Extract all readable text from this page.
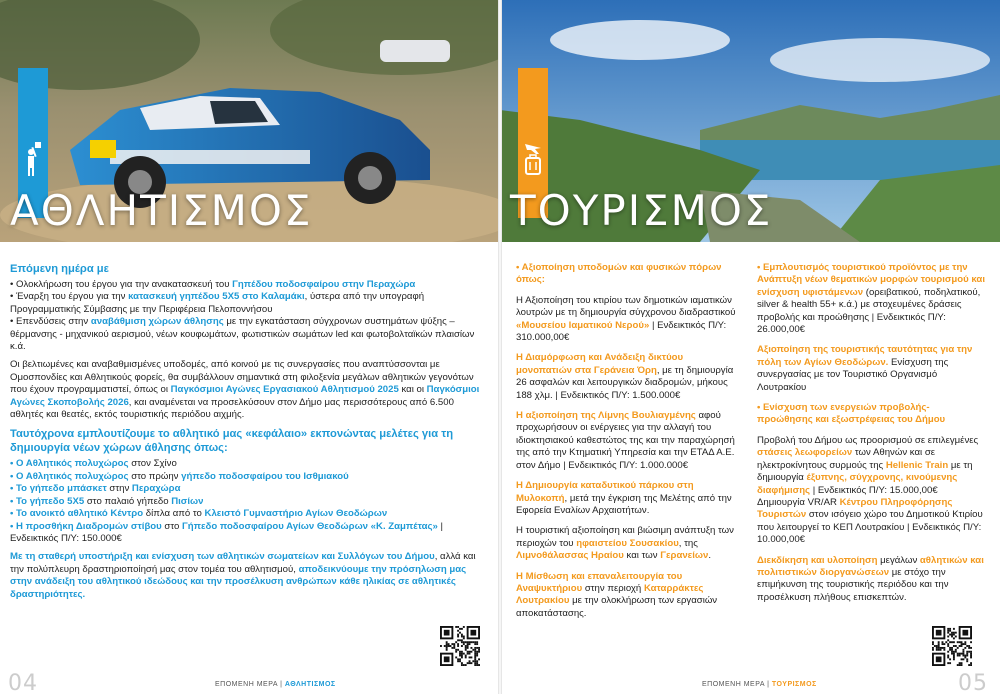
ΑΘΛΗΤΙΣΜΟΣ
Επόμενη ημέρα με

• Ολοκλήρωση του έργου για την ανακατασκευή του Γηπέδου ποδοσφαίρου στην Περαχώρα
• Έναρξη του έργου για την κατασκευή γηπέδου 5Χ5 στο Καλαμάκι, ύστερα από την υπογραφή Προγραμματικής Σύμβασης με την Περιφέρεια Πελοποννήσου
• Επενδύσεις στην αναβάθμιση χώρων άθλησης με την εγκατάσταση σύγχρονων συστημάτων ψύξης – θέρμανσης - μηχανικού αερισμού, νέων κουφωμάτων, φωτιστικών σωμάτων led και φωτοβολταϊκών πλαισίων κ.ά.

Οι βελτιωμένες και αναβαθμισμένες υποδομές, από κοινού με τις συνεργασίες που αναπτύσσονται με Ομοσπονδίες και Αθλητικούς φορείς, θα συμβάλλουν σημαντικά στη φιλοξενία μεγάλων αθλητικών γεγονότων που έχουν προγραμματιστεί, όπως οι Παγκόσμιοι Αγώνες Εργασιακού Αθλητισμού 2025 και οι Παγκόσμιοι Αγώνες Σκοποβολής 2026, και αναμένεται να προσελκύσουν στον Δήμο μας περισσότερους από 6.500 αθλητές και θεατές, εκτός τουριστικής περιόδου αιχμής.

Ταυτόχρονα εμπλουτίζουμε το αθλητικό μας «κεφάλαιο» εκπονώντας μελέτες για τη δημιουργία νέων χώρων άθλησης όπως:

• Ο Αθλητικός πολυχώρος στον Σχίνο
• Ο Αθλητικός πολυχώρος στο πρώην γήπεδο ποδοσφαίρου του Ισθμιακού
• Το γήπεδο μπάσκετ στην Περαχώρα
• Το γήπεδο 5Χ5 στο παλαιό γήπεδο Πισίων
• Το ανοικτό αθλητικό Κέντρο δίπλα από το Κλειστό Γυμναστήριο Αγίων Θεοδώρων
• Η προσθήκη Διαδρομών στίβου στο Γήπεδο ποδοσφαίρου Αγίων Θεοδώρων «Κ. Ζαμπέτας» | Ενδεικτικός Π/Υ: 150.000€

Με τη σταθερή υποστήριξη και ενίσχυση των αθλητικών σωματείων και Συλλόγων του Δήμου, αλλά και την πολύπλευρη δραστηριοποίησή μας στον τομέα του αθλητισμού, αποδεικνύουμε την πρόσηλωση μας στην ανάδειξη του αθλητικού ιδεώδους και την προσέλκυση ανθρώπων κάθε ηλικίας σε αθλητικές δραστηριότητες.

ΕΠΟΜΕΝΗ ΜΕΡΑ | ΑΘΛΗΤΙΣΜΟΣ
04
ΤΟΥΡΙΣΜΟΣ

• Αξιοποίηση υποδομών και φυσικών πόρων όπως:

Η Αξιοποίηση του κτιρίου των δημοτικών ιαματικών λουτρών με τη δημιουργία σύγχρονου διαδραστικού «Μουσείου Ιαματικού Νερού» | Ενδεικτικός Π/Υ: 310.000,00€

Η Διαμόρφωση και Ανάδειξη δικτύου μονοπατιών στα Γεράνεια Όρη, με τη δημιουργία 26 ασφαλών και λειτουργικών διαδρομών, μήκους 188 χλμ. | Ενδεικτικός Π/Υ: 1.500.000€

Η αξιοποίηση της Λίμνης Βουλιαγμένης αφού προχωρήσουν οι ενέργειες για την αλλαγή του ιδιοκτησιακού καθεστώτος της και την παραχώρησή της από την Κτηματική Υπηρεσία και την ΕΤΑΔ Α.Ε. στον Δήμο | Ενδεικτικός Π/Υ: 1.000.000€

Η Δημιουργία καταδυτικού πάρκου στη Μυλοκοπή, μετά την έγκριση της Μελέτης από την Εφορεία Εναλίων Αρχαιοτήτων.

Η τουριστική αξιοποίηση και βιώσιμη ανάπτυξη των περιοχών του ηφαιστείου Σουσακίου, της Λιμνοθάλασσας Ηραίου και των Γερανείων.

Η Μίσθωση και επαναλειτουργία του Αναψυκτήριου στην περιοχή Καταρράκτες Λουτρακίου με την ολοκλήρωση των εργασιών αποκατάστασης.

• Εμπλουτισμός τουριστικού προϊόντος με την Ανάπτυξη νέων θεματικών μορφών τουρισμού και ενίσχυση υφιστάμενων (ορειβατικού, ποδηλατικού, silver & health 55+ κ.ά.) με στοχευμένες δράσεις προβολής και προώθησης | Ενδεικτικός Π/Υ: 26.000,00€

Αξιοποίηση της τουριστικής ταυτότητας για την πόλη των Αγίων Θεοδώρων. Ενίσχυση της συνεργασίας με τον Τουριστικό Οργανισμό Λουτρακίου

• Ενίσχυση των ενεργειών προβολής-προώθησης και εξωστρέφειας του Δήμου

Προβολή του Δήμου ως προορισμού σε επιλεγμένες στάσεις λεωφορείων των Αθηνών και σε ηλεκτροκίνητους συρμούς της Hellenic Train με τη δημιουργία έξυπνης, σύγχρονης, κινούμενης διαφήμισης | Ενδεικτικός Π/Υ: 15.000,00€
Δημιουργία VR/AR Κέντρου Πληροφόρησης Τουριστών στον ισόγειο χώρο του Δημοτικού Κτιρίου που λειτουργεί το ΚΕΠ Λουτρακίου | Ενδεικτικός Π/Υ: 10.000,00€

Διεκδίκηση και υλοποίηση μεγάλων αθλητικών και πολιτιστικών διοργανώσεων με στόχο την επιμήκυνση της τουριστικής περιόδου και την προσέλκυση πλήθους επισκεπτών.

ΕΠΟΜΕΝΗ ΜΕΡΑ | ΤΟΥΡΙΣΜΟΣ	05
